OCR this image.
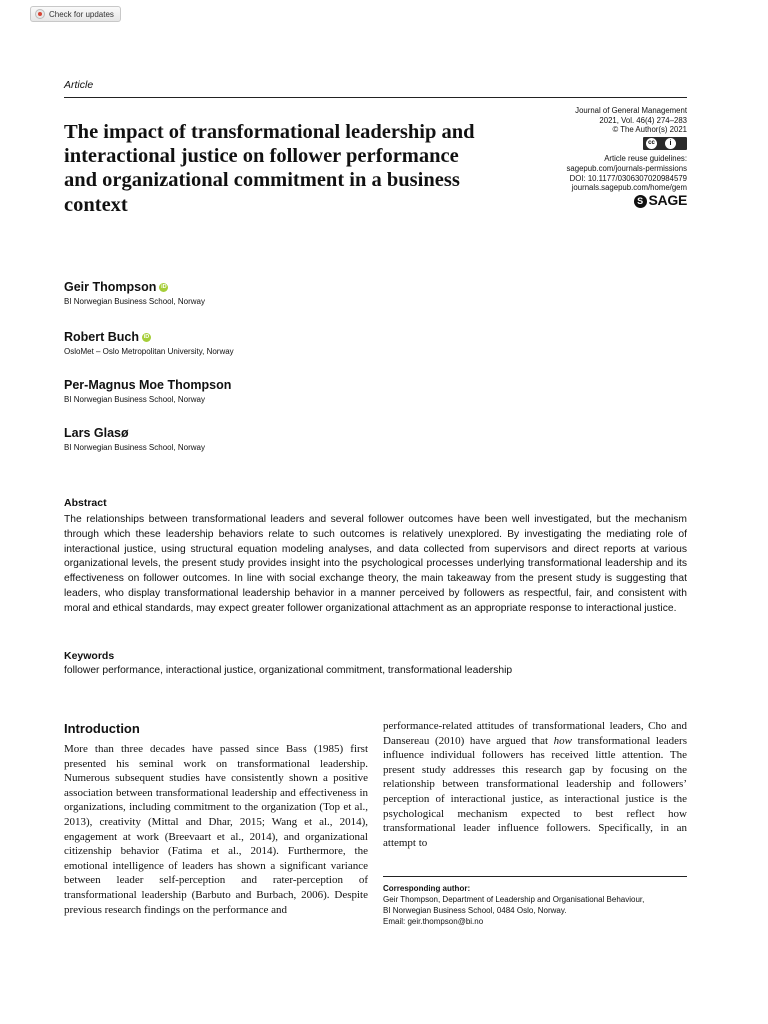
Check for updates
Article
The impact of transformational leadership and interactional justice on follower performance and organizational commitment in a business context
Journal of General Management
2021, Vol. 46(4) 274–283
© The Author(s) 2021
cc i
Article reuse guidelines:
sagepub.com/journals-permissions
DOI: 10.1177/0306307020984579
journals.sagepub.com/home/gem
S SAGE
Geir Thompson iD
BI Norwegian Business School, Norway
Robert Buch iD
OsloMet – Oslo Metropolitan University, Norway
Per-Magnus Moe Thompson
BI Norwegian Business School, Norway
Lars Glasø
BI Norwegian Business School, Norway
Abstract

The relationships between transformational leaders and several follower outcomes have been well investigated, but the mechanism through which these leadership behaviors relate to such outcomes is relatively unexplored. By investigating the mediating role of interactional justice, using structural equation modeling analyses, and data collected from supervisors and direct reports at various organizational levels, the present study provides insight into the psychological processes underlying transformational leadership and its effectiveness on follower outcomes. In line with social exchange theory, the main takeaway from the present study is suggesting that leaders, who display transformational leadership behavior in a manner perceived by followers as respectful, fair, and consistent with moral and ethical standards, may expect greater follower organizational attachment as an appropriate response to interactional justice.

Keywords

follower performance, interactional justice, organizational commitment, transformational leadership

Introduction

More than three decades have passed since Bass (1985) first presented his seminal work on transformational leadership. Numerous subsequent studies have consistently shown a positive association between transformational leadership and effectiveness in organizations, including commitment to the organization (Top et al., 2013), creativity (Mittal and Dhar, 2015; Wang et al., 2014), engagement at work (Breevaart et al., 2014), and organizational citizenship behavior (Fatima et al., 2014). Furthermore, the emotional intelligence of leaders has shown a significant variance between leader self-perception and rater-perception of transformational leadership (Barbuto and Burbach, 2006). Despite previous research findings on the performance and

performance-related attitudes of transformational leaders, Cho and Dansereau (2010) have argued that how transformational leaders influence individual followers has received little attention. The present study addresses this research gap by focusing on the relationship between transformational leadership and followers’ perception of interactional justice, as interactional justice is the psychological mechanism expected to best reflect how transformational leader influence followers. Specifically, in an attempt to

Corresponding author:
Geir Thompson, Department of Leadership and Organisational Behaviour,
BI Norwegian Business School, 0484 Oslo, Norway.
Email: geir.thompson@bi.no
